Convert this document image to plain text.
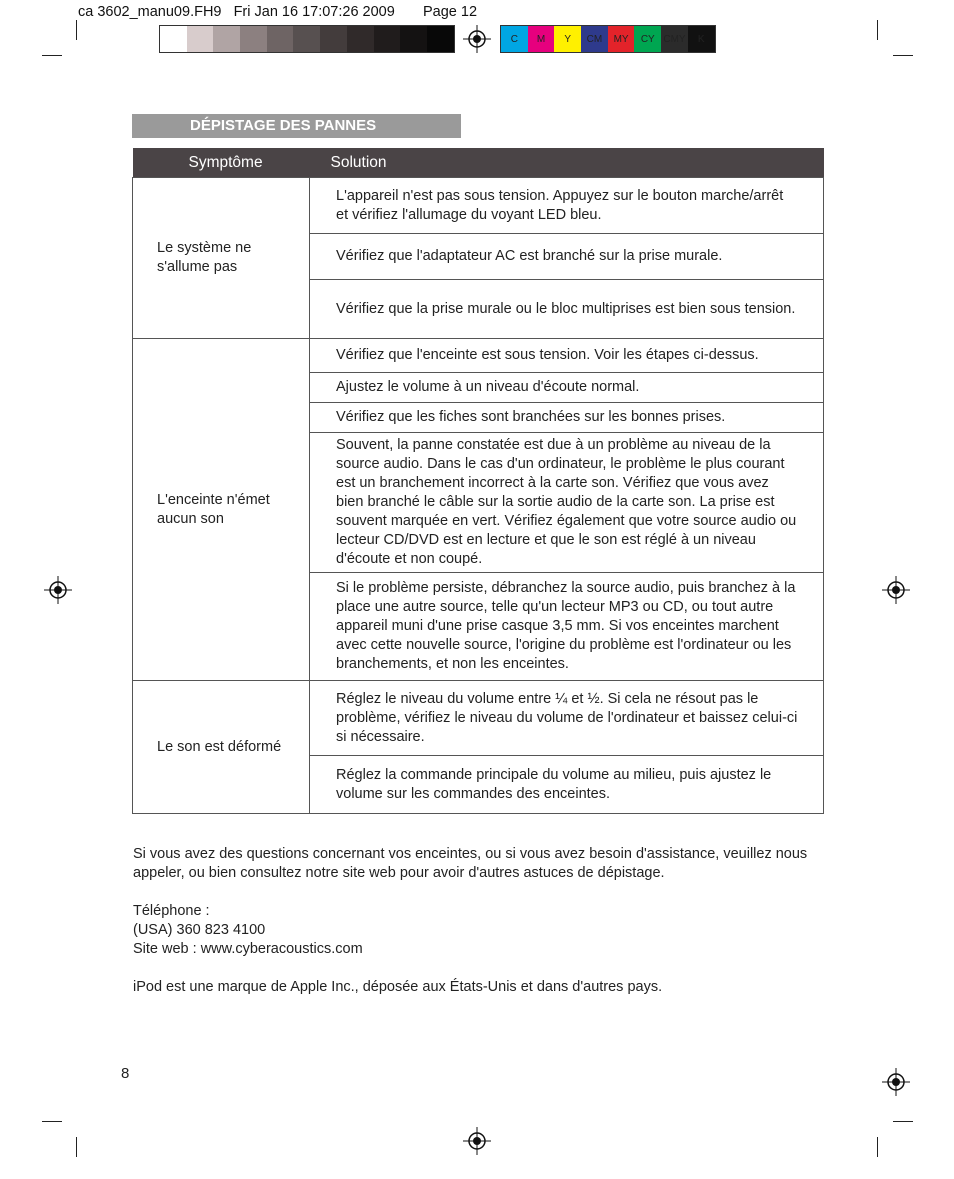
ca 3602_manu09.FH9   Fri Jan 16 17:07:26 2009       Page 12
C	M	Y	CM	MY	CY CMY	K
DÉPISTAGE DES PANNES
Symptôme	Solution
Le système ne s'allume pas	L'appareil n'est pas sous tension. Appuyez sur le bouton marche/arrêt et vérifiez l'allumage du voyant LED bleu.
	Vérifiez que l'adaptateur AC est branché sur la prise murale.
	Vérifiez que la prise murale ou le bloc multiprises est bien sous tension.
L'enceinte n'émet aucun son	Vérifiez que l'enceinte est sous tension. Voir les étapes ci-dessus.
	Ajustez le volume à un niveau d'écoute normal.
	Vérifiez que les fiches sont branchées sur les bonnes prises.
	Souvent, la panne constatée est due à un problème au niveau de la source audio. Dans le cas d'un ordinateur, le problème le plus courant est un branchement incorrect à la carte son. Vérifiez que vous avez bien branché le câble sur la sortie audio de la carte son. La prise est souvent marquée en vert. Vérifiez également que votre source audio ou lecteur CD/DVD est en lecture et que le son est réglé à un niveau d'écoute et non coupé.
	Si le problème persiste, débranchez la source audio, puis branchez à la place une autre source, telle qu'un lecteur MP3 ou CD, ou tout autre appareil muni d'une prise casque 3,5 mm. Si vos enceintes marchent avec cette nouvelle source, l'origine du problème est l'ordinateur ou les branchements, et non les enceintes.
Le son est déformé	Réglez le niveau du volume entre ¼ et ½. Si cela ne résout pas le problème, vérifiez le niveau du volume de l'ordinateur et baissez celui-ci si nécessaire.
	Réglez la commande principale du volume au milieu, puis ajustez le volume sur les commandes des enceintes.

Si vous avez des questions concernant vos enceintes, ou si vous avez besoin d'assistance, veuillez nous appeler, ou bien consultez notre site web pour avoir d'autres astuces de dépistage.

Téléphone :

(USA) 360 823 4100

Site web : www.cyberacoustics.com

iPod est une marque de Apple Inc., déposée aux États-Unis et dans d'autres pays.

8
